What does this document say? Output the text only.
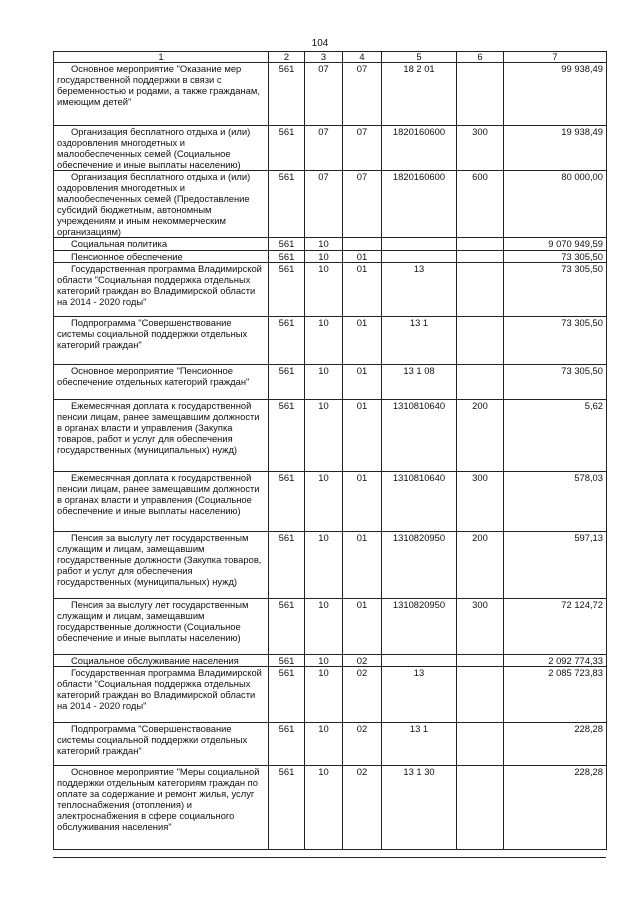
104
1	2	3	4	5	6	7
Основное мероприятие "Оказание мер государственной поддержки в связи с беременностью и родами, а также гражданам, имеющим детей"	561	07	07	18 2 01		99 938,49
Организация бесплатного отдыха и (или) оздоровления многодетных и малообеспеченных семей (Социальное обеспечение и иные выплаты населению)	561	07	07	1820160600	300	19 938,49
Организация бесплатного отдыха и (или) оздоровления многодетных и малообеспеченных семей (Предоставление субсидий бюджетным, автономным учреждениям и иным некоммерческим организациям)	561	07	07	1820160600	600	80 000,00
Социальная политика	561	10				9 070 949,59
Пенсионное обеспечение	561	10	01			73 305,50
Государственная программа Владимирской области "Социальная поддержка отдельных категорий граждан во Владимирской области на 2014 - 2020 годы"	561	10	01	13		73 305,50
Подпрограмма "Совершенствование системы социальной поддержки отдельных категорий граждан"	561	10	01	13 1		73 305,50
Основное мероприятие "Пенсионное обеспечение отдельных категорий граждан"	561	10	01	13 1 08		73 305,50
Ежемесячная доплата к государственной пенсии лицам, ранее замещавшим должности в органах власти и управления (Закупка товаров, работ и услуг для обеспечения государственных (муниципальных) нужд)	561	10	01	1310810640	200	5,62
Ежемесячная доплата к государственной пенсии лицам, ранее замещавшим должности в органах власти и управления (Социальное обеспечение и иные выплаты населению)	561	10	01	1310810640	300	578,03
Пенсия за выслугу лет государственным служащим и лицам, замещавшим государственные должности (Закупка товаров, работ и услуг для обеспечения государственных (муниципальных) нужд)	561	10	01	1310820950	200	597,13
Пенсия за выслугу лет государственным служащим и лицам, замещавшим государственные должности (Социальное обеспечение и иные выплаты населению)	561	10	01	1310820950	300	72 124,72
Социальное обслуживание населения	561	10	02			2 092 774,33
Государственная программа Владимирской области "Социальная поддержка отдельных категорий граждан во Владимирской области на 2014 - 2020 годы"	561	10	02	13		2 085 723,83
Подпрограмма "Совершенствование системы социальной поддержки отдельных категорий граждан"	561	10	02	13 1		228,28
Основное мероприятие "Меры социальной поддержки отдельным категориям граждан по оплате за содержание и ремонт жилья, услуг теплоснабжения (отопления) и электроснабжения в сфере социального обслуживания населения"	561	10	02	13 1 30		228,28
